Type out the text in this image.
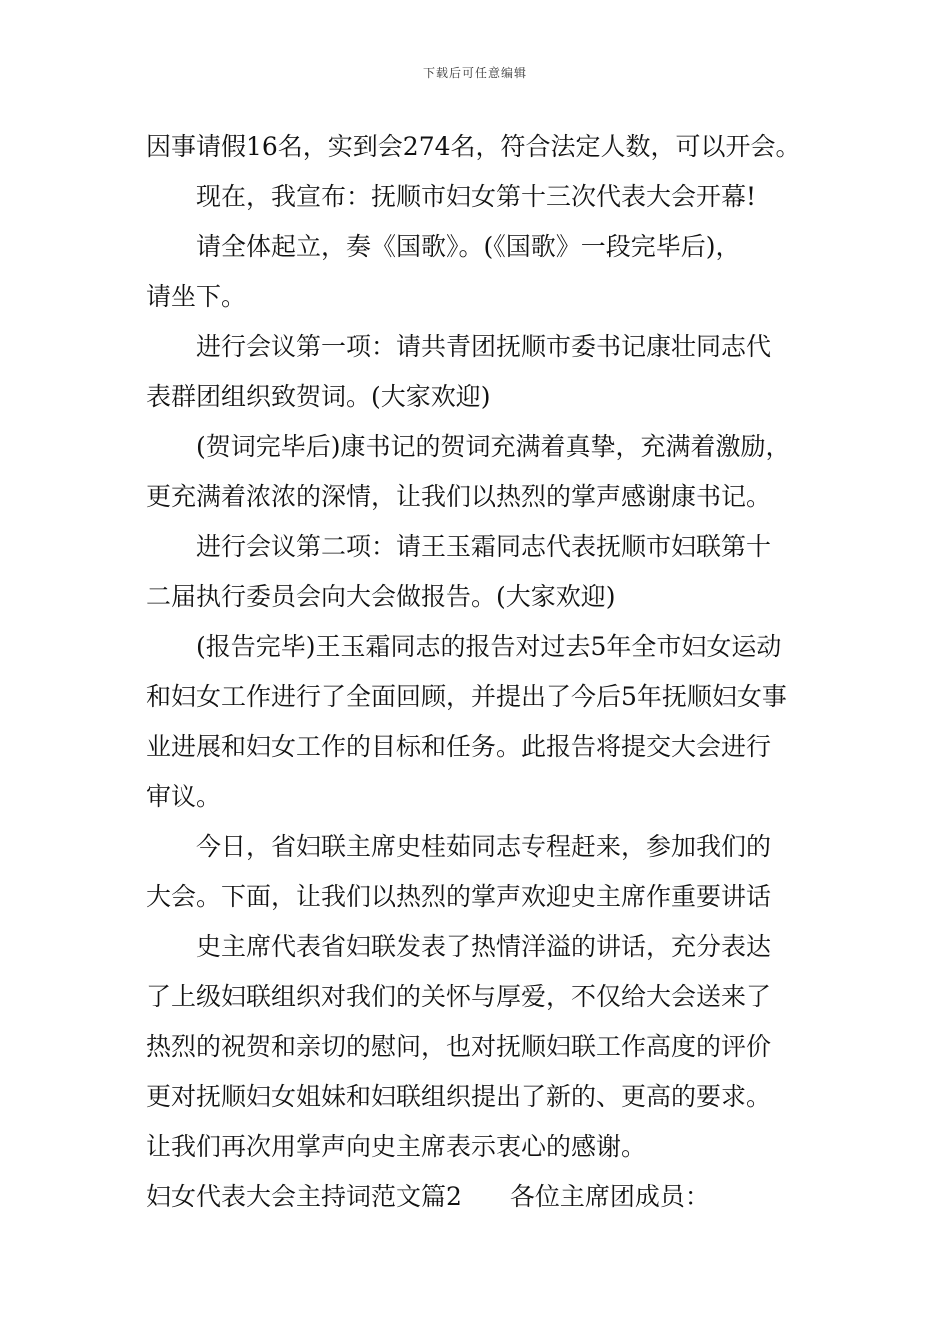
下载后可任意编辑

因事请假16名，实到会274名，符合法定人数，可以开会。

现在，我宣布：抚顺市妇女第十三次代表大会开幕!

请全体起立，奏《国歌》。(《国歌》一段完毕后)，

请坐下。

进行会议第一项：请共青团抚顺市委书记康壮同志代

表群团组织致贺词。(大家欢迎)

(贺词完毕后)康书记的贺词充满着真挚，充满着激励，

更充满着浓浓的深情，让我们以热烈的掌声感谢康书记。

进行会议第二项：请王玉霜同志代表抚顺市妇联第十

二届执行委员会向大会做报告。(大家欢迎)

(报告完毕)王玉霜同志的报告对过去5年全市妇女运动

和妇女工作进行了全面回顾，并提出了今后5年抚顺妇女事

业进展和妇女工作的目标和任务。此报告将提交大会进行

审议。

今日，省妇联主席史桂茹同志专程赶来，参加我们的

大会。下面，让我们以热烈的掌声欢迎史主席作重要讲话

史主席代表省妇联发表了热情洋溢的讲话，充分表达

了上级妇联组织对我们的关怀与厚爱，不仅给大会送来了

热烈的祝贺和亲切的慰问，也对抚顺妇联工作高度的评价

更对抚顺妇女姐妹和妇联组织提出了新的、更高的要求。

让我们再次用掌声向史主席表示衷心的感谢。

妇女代表大会主持词范文篇2 各位主席团成员：
